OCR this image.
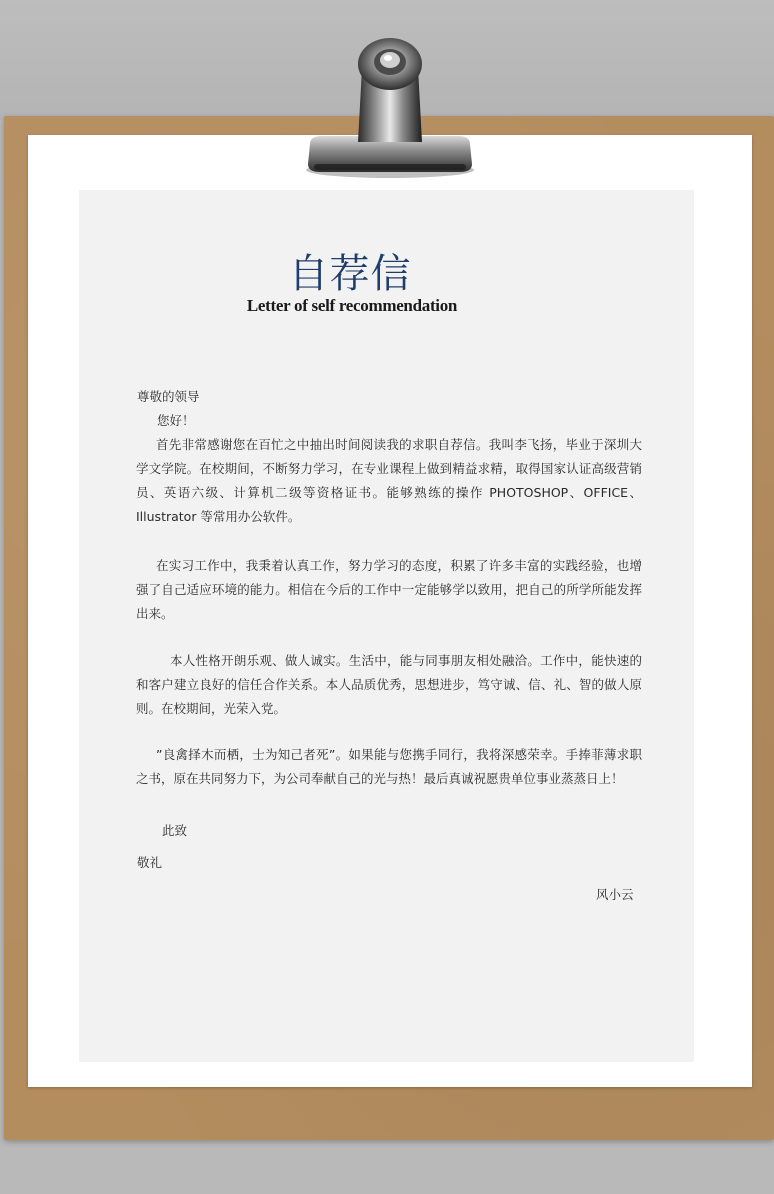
自荐信
Letter of self recommendation
尊敬的领导
您好！
首先非常感谢您在百忙之中抽出时间阅读我的求职自荐信。我叫李飞扬，毕业于深圳大学文学院。在校期间，不断努力学习，在专业课程上做到精益求精，取得国家认证高级营销员、英语六级、计算机二级等资格证书。能够熟练的操作 PHOTOSHOP、OFFICE、Illustrator 等常用办公软件。
在实习工作中，我秉着认真工作，努力学习的态度，积累了许多丰富的实践经验，也增强了自己适应环境的能力。相信在今后的工作中一定能够学以致用，把自己的所学所能发挥出来。
本人性格开朗乐观、做人诚实。生活中，能与同事朋友相处融洽。工作中，能快速的和客户建立良好的信任合作关系。本人品质优秀，思想进步，笃守诚、信、礼、智的做人原则。在校期间，光荣入党。
”良禽择木而栖，士为知己者死”。如果能与您携手同行，我将深感荣幸。手捧菲薄求职之书，原在共同努力下，为公司奉献自己的光与热！最后真诚祝愿贵单位事业蒸蒸日上！
此致
敬礼
风小云
